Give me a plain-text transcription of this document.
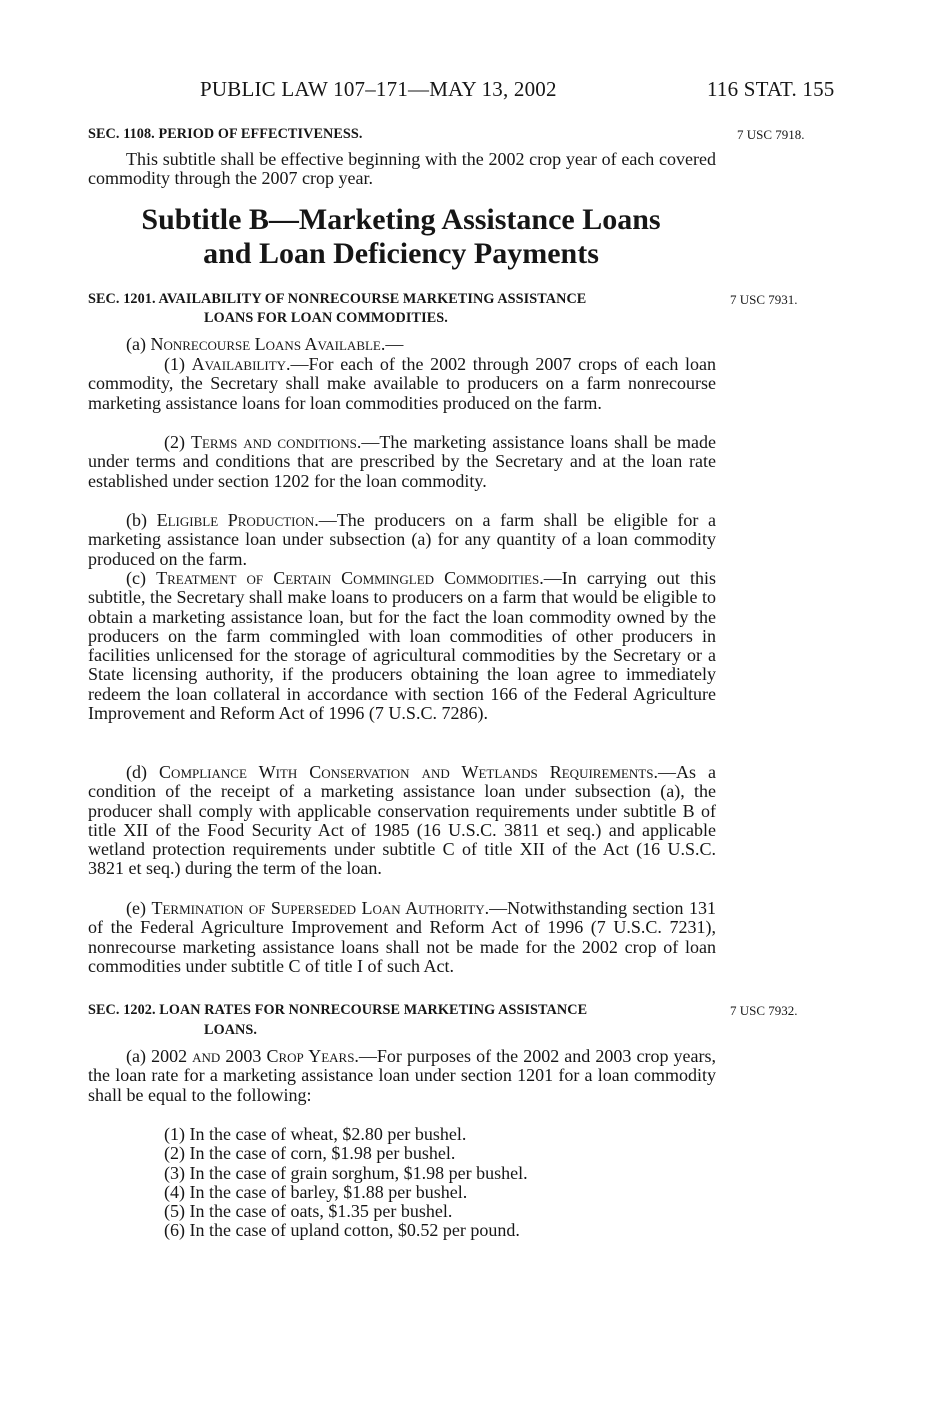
PUBLIC LAW 107–171—MAY 13, 2002	116 STAT. 155
SEC. 1108. PERIOD OF EFFECTIVENESS.	7 USC 7918.
This subtitle shall be effective beginning with the 2002 crop year of each covered commodity through the 2007 crop year.
Subtitle B—Marketing Assistance Loans
and Loan Deficiency Payments
SEC. 1201. AVAILABILITY OF NONRECOURSE MARKETING ASSISTANCE
LOANS FOR LOAN COMMODITIES.
7 USC 7931.
(a) Nonrecourse Loans Available.—
(1) Availability.—For each of the 2002 through 2007 crops of each loan commodity, the Secretary shall make available to producers on a farm nonrecourse marketing assistance loans for loan commodities produced on the farm.
(2) Terms and conditions.—The marketing assistance loans shall be made under terms and conditions that are prescribed by the Secretary and at the loan rate established under section 1202 for the loan commodity.
(b) Eligible Production.—The producers on a farm shall be eligible for a marketing assistance loan under subsection (a) for any quantity of a loan commodity produced on the farm.
(c) Treatment of Certain Commingled Commodities.—In carrying out this subtitle, the Secretary shall make loans to producers on a farm that would be eligible to obtain a marketing assistance loan, but for the fact the loan commodity owned by the producers on the farm commingled with loan commodities of other producers in facilities unlicensed for the storage of agricultural commodities by the Secretary or a State licensing authority, if the producers obtaining the loan agree to immediately redeem the loan collateral in accordance with section 166 of the Federal Agriculture Improvement and Reform Act of 1996 (7 U.S.C. 7286).
(d) Compliance With Conservation and Wetlands Requirements.—As a condition of the receipt of a marketing assistance loan under subsection (a), the producer shall comply with applicable conservation requirements under subtitle B of title XII of the Food Security Act of 1985 (16 U.S.C. 3811 et seq.) and applicable wetland protection requirements under subtitle C of title XII of the Act (16 U.S.C. 3821 et seq.) during the term of the loan.
(e) Termination of Superseded Loan Authority.—Notwithstanding section 131 of the Federal Agriculture Improvement and Reform Act of 1996 (7 U.S.C. 7231), nonrecourse marketing assistance loans shall not be made for the 2002 crop of loan commodities under subtitle C of title I of such Act.
SEC. 1202. LOAN RATES FOR NONRECOURSE MARKETING ASSISTANCE
LOANS.
7 USC 7932.
(a) 2002 and 2003 Crop Years.—For purposes of the 2002 and 2003 crop years, the loan rate for a marketing assistance loan under section 1201 for a loan commodity shall be equal to the following:
(1) In the case of wheat, $2.80 per bushel.
(2) In the case of corn, $1.98 per bushel.
(3) In the case of grain sorghum, $1.98 per bushel.
(4) In the case of barley, $1.88 per bushel.
(5) In the case of oats, $1.35 per bushel.
(6) In the case of upland cotton, $0.52 per pound.
